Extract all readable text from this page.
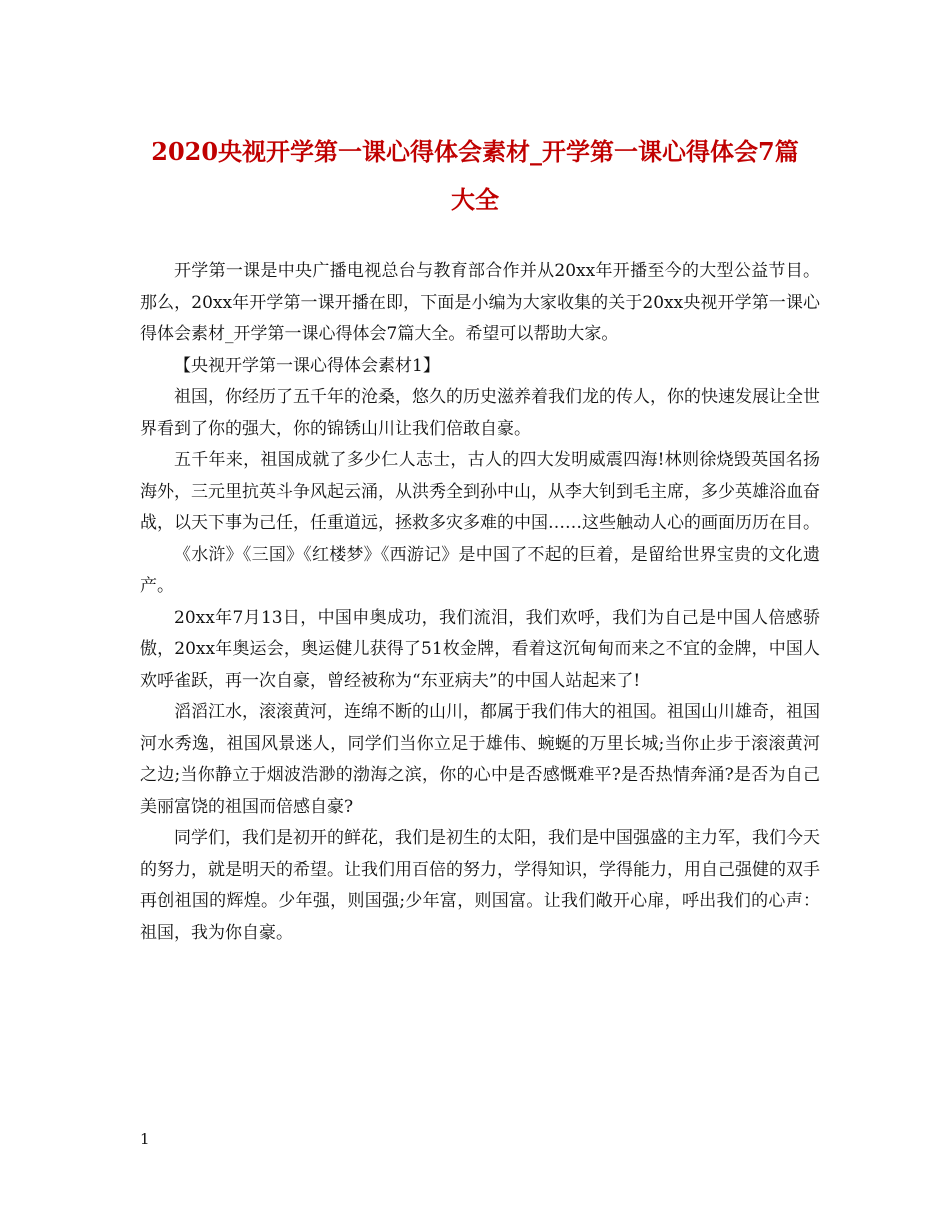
2020央视开学第一课心得体会素材_开学第一课心得体会7篇大全

开学第一课是中央广播电视总台与教育部合作并从20xx年开播至今的大型公益节目。那么，20xx年开学第一课开播在即，下面是小编为大家收集的关于20xx央视开学第一课心得体会素材_开学第一课心得体会7篇大全。希望可以帮助大家。

【央视开学第一课心得体会素材1】

祖国，你经历了五千年的沧桑，悠久的历史滋养着我们龙的传人，你的快速发展让全世界看到了你的强大，你的锦锈山川让我们倍敢自豪。

五千年来，祖国成就了多少仁人志士，古人的四大发明威震四海!林则徐烧毁英国名扬海外，三元里抗英斗争风起云涌，从洪秀全到孙中山，从李大钊到毛主席，多少英雄浴血奋战，以天下事为己任，任重道远，拯救多灾多难的中国……这些触动人心的画面历历在目。

《水浒》《三国》《红楼梦》《西游记》是中国了不起的巨着，是留给世界宝贵的文化遗产。

20xx年7月13日，中国申奥成功，我们流泪，我们欢呼，我们为自己是中国人倍感骄傲，20xx年奥运会，奥运健儿获得了51枚金牌，看着这沉甸甸而来之不宜的金牌，中国人欢呼雀跃，再一次自豪，曾经被称为“东亚病夫”的中国人站起来了!

滔滔江水，滚滚黄河，连绵不断的山川，都属于我们伟大的祖国。祖国山川雄奇，祖国河水秀逸，祖国风景迷人，同学们当你立足于雄伟、蜿蜒的万里长城;当你止步于滚滚黄河之边;当你静立于烟波浩渺的渤海之滨，你的心中是否感慨难平?是否热情奔涌?是否为自己美丽富饶的祖国而倍感自豪?

同学们，我们是初开的鲜花，我们是初生的太阳，我们是中国强盛的主力军，我们今天的努力，就是明天的希望。让我们用百倍的努力，学得知识，学得能力，用自己强健的双手再创祖国的辉煌。少年强，则国强;少年富，则国富。让我们敞开心扉，呼出我们的心声：祖国，我为你自豪。

1
